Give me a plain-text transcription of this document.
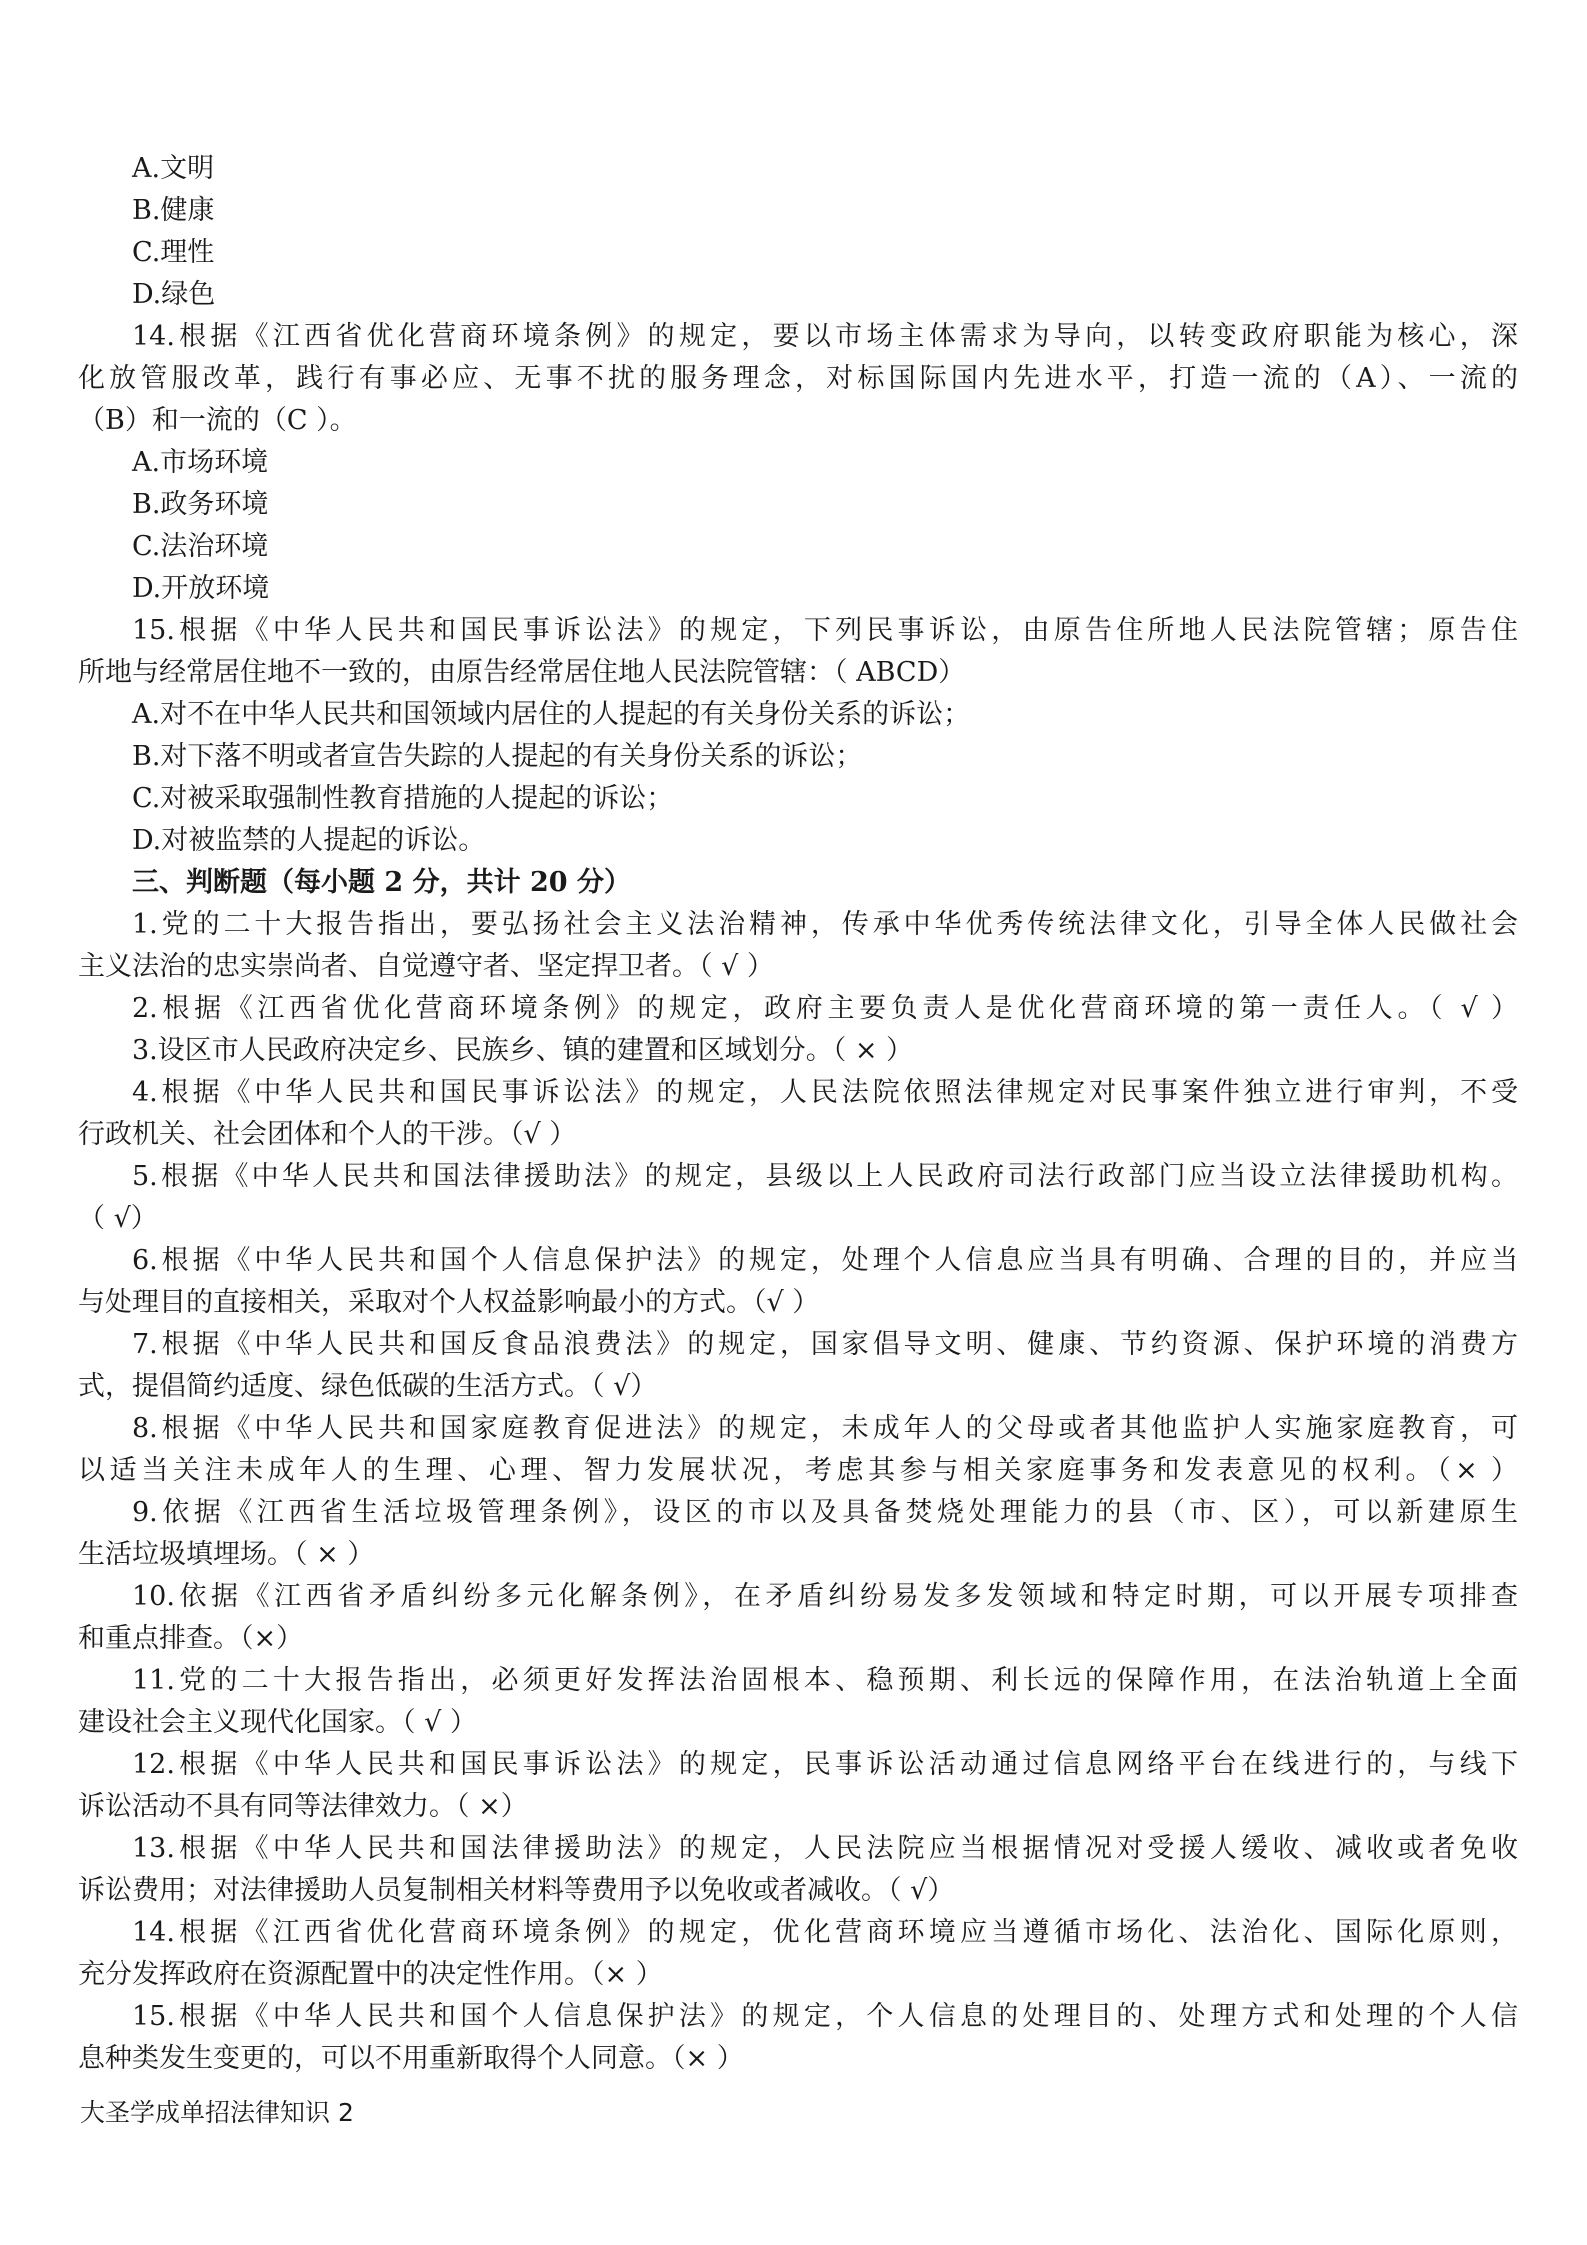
A.文明
B.健康
C.理性
D.绿色
14.根据《江西省优化营商环境条例》的规定，要以市场主体需求为导向，以转变政府职能为核心，深
化放管服改革，践行有事必应、无事不扰的服务理念，对标国际国内先进水平，打造一流的（A）、一流的
（B）和一流的（C ）。
A.市场环境
B.政务环境
C.法治环境
D.开放环境
15.根据《中华人民共和国民事诉讼法》的规定，下列民事诉讼，由原告住所地人民法院管辖；原告住
所地与经常居住地不一致的，由原告经常居住地人民法院管辖：（ ABCD）
A.对不在中华人民共和国领域内居住的人提起的有关身份关系的诉讼；
B.对下落不明或者宣告失踪的人提起的有关身份关系的诉讼；
C.对被采取强制性教育措施的人提起的诉讼；
D.对被监禁的人提起的诉讼。
三、判断题（每小题 2 分，共计 20 分）
1.党的二十大报告指出，要弘扬社会主义法治精神，传承中华优秀传统法律文化，引导全体人民做社会
主义法治的忠实崇尚者、自觉遵守者、坚定捍卫者。（ √ ）
2.根据《江西省优化营商环境条例》的规定，政府主要负责人是优化营商环境的第一责任人。（ √ ）
3.设区市人民政府决定乡、民族乡、镇的建置和区域划分。（ × ）
4.根据《中华人民共和国民事诉讼法》的规定，人民法院依照法律规定对民事案件独立进行审判，不受
行政机关、社会团体和个人的干涉。（√ ）
5.根据《中华人民共和国法律援助法》的规定，县级以上人民政府司法行政部门应当设立法律援助机构。
（ √）
6.根据《中华人民共和国个人信息保护法》的规定，处理个人信息应当具有明确、合理的目的，并应当
与处理目的直接相关，采取对个人权益影响最小的方式。（√ ）
7.根据《中华人民共和国反食品浪费法》的规定，国家倡导文明、健康、节约资源、保护环境的消费方
式，提倡简约适度、绿色低碳的生活方式。（ √）
8.根据《中华人民共和国家庭教育促进法》的规定，未成年人的父母或者其他监护人实施家庭教育，可
以适当关注未成年人的生理、心理、智力发展状况，考虑其参与相关家庭事务和发表意见的权利。（× ）
9.依据《江西省生活垃圾管理条例》，设区的市以及具备焚烧处理能力的县（市、区），可以新建原生
生活垃圾填埋场。（ × ）
10.依据《江西省矛盾纠纷多元化解条例》，在矛盾纠纷易发多发领域和特定时期，可以开展专项排查
和重点排查。（×）
11.党的二十大报告指出，必须更好发挥法治固根本、稳预期、利长远的保障作用，在法治轨道上全面
建设社会主义现代化国家。（ √ ）
12.根据《中华人民共和国民事诉讼法》的规定，民事诉讼活动通过信息网络平台在线进行的，与线下
诉讼活动不具有同等法律效力。（ ×）
13.根据《中华人民共和国法律援助法》的规定，人民法院应当根据情况对受援人缓收、减收或者免收
诉讼费用；对法律援助人员复制相关材料等费用予以免收或者减收。（ √）
14.根据《江西省优化营商环境条例》的规定，优化营商环境应当遵循市场化、法治化、国际化原则，
充分发挥政府在资源配置中的决定性作用。（× ）
15.根据《中华人民共和国个人信息保护法》的规定，个人信息的处理目的、处理方式和处理的个人信
息种类发生变更的，可以不用重新取得个人同意。（× ）
大圣学成单招法律知识 2
